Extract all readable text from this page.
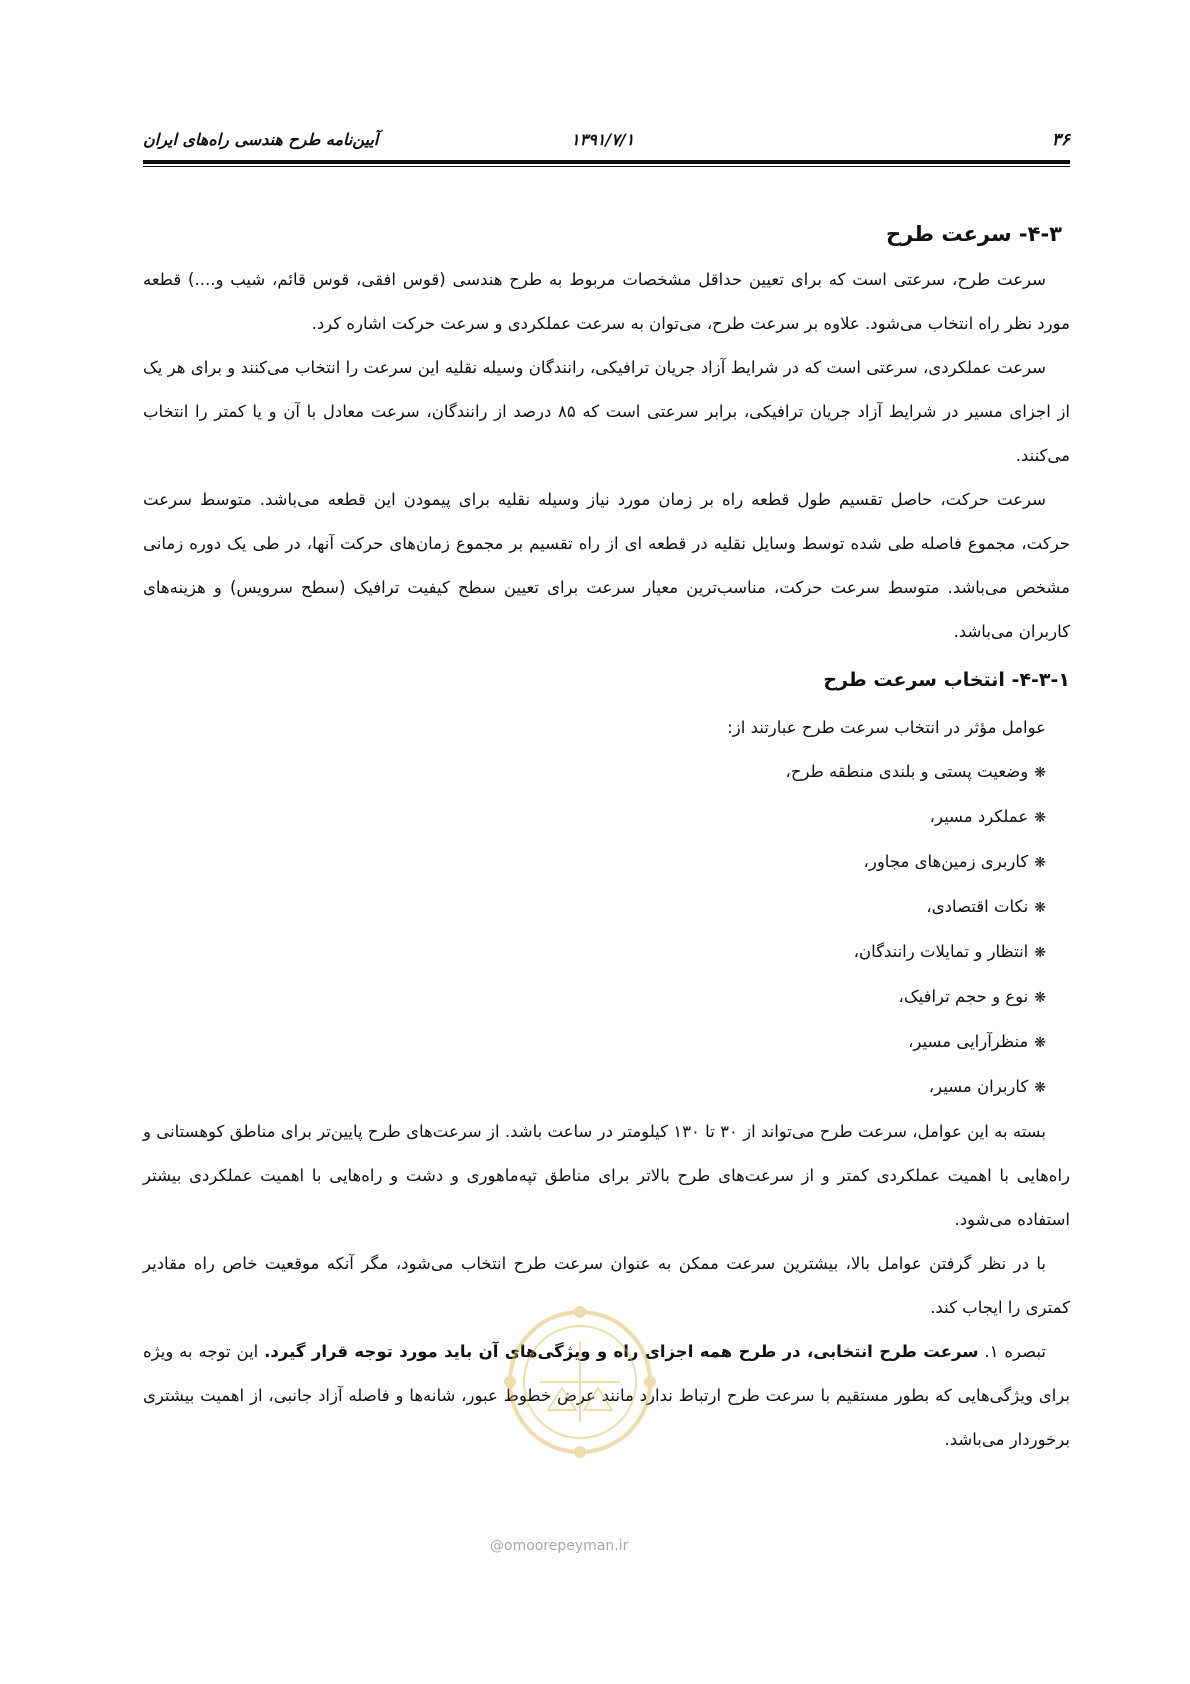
۳۶
۱۳۹۱/۷/۱
آیین‌نامه طرح هندسی راه‌های ایران
۴-۳- سرعت طرح

سرعت طرح، سرعتی است که برای تعیین حداقل مشخصات مربوط به طرح هندسی (قوس افقی، قوس قائم، شیب و....) قطعه مورد نظر راه انتخاب می‌شود. علاوه بر سرعت طرح، می‌توان به سرعت عملکردی و سرعت حرکت اشاره کرد.

سرعت عملکردی، سرعتی است که در شرایط آزاد جریان ترافیکی، رانندگان وسیله نقلیه این سرعت را انتخاب می‌کنند و برای هر یک از اجزای مسیر در شرایط آزاد جریان ترافیکی، برابر سرعتی است که ۸۵ درصد از رانندگان، سرعت معادل با آن و یا کمتر را انتخاب می‌کنند.

سرعت حرکت، حاصل تقسیم طول قطعه راه بر زمان مورد نیاز وسیله نقلیه برای پیمودن این قطعه می‌باشد. متوسط سرعت حرکت، مجموع فاصله طی شده توسط وسایل نقلیه در قطعه ای از راه تقسیم بر مجموع زمان‌های حرکت آنها، در طی یک دوره زمانی مشخص می‌باشد. متوسط سرعت حرکت، مناسب‌ترین معیار سرعت برای تعیین سطح کیفیت ترافیک (سطح سرویس) و هزینه‌های کاربران می‌باشد.

۴-۳-۱- انتخاب سرعت طرح

عوامل مؤثر در انتخاب سرعت طرح عبارتند از:

❋وضعیت پستی و بلندی منطقه طرح،
❋عملکرد مسیر،
❋کاربری زمین‌های مجاور،
❋نکات اقتصادی،
❋انتظار و تمایلات رانندگان،
❋نوع و حجم ترافیک،
❋منظرآرایی مسیر،
❋کاربران مسیر،

بسته به این عوامل، سرعت طرح می‌تواند از ۳۰ تا ۱۳۰ کیلومتر در ساعت باشد. از سرعت‌های طرح پایین‌تر برای مناطق کوهستانی و راه‌هایی با اهمیت عملکردی کمتر و از سرعت‌های طرح بالاتر برای مناطق تپه‌ماهوری و دشت و راه‌هایی با اهمیت عملکردی بیشتر استفاده می‌شود.

با در نظر گرفتن عوامل بالا، بیشترین سرعت ممکن به عنوان سرعت طرح انتخاب می‌شود، مگر آنکه موقعیت خاص راه مقادیر کمتری را ایجاب کند.

تبصره ۱. سرعت طرح انتخابی، در طرح همه اجزای راه و ویژگی‌های آن باید مورد توجه قرار گیرد. این توجه به ویژه برای ویژگی‌هایی که بطور مستقیم با سرعت طرح ارتباط ندارد مانند عرض خطوط عبور، شانه‌ها و فاصله آزاد جانبی، از اهمیت بیشتری برخوردار می‌باشد.

@omoorepeyman.ir
